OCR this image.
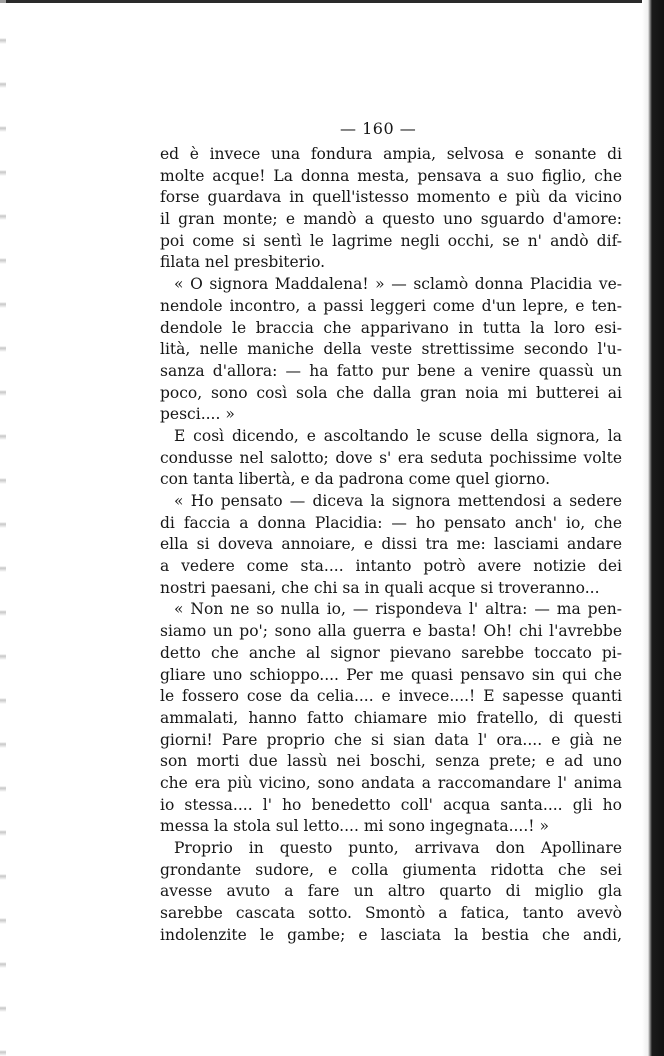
— 160 —
ed è invece una fondura ampia, selvosa e sonante di
molte acque! La donna mesta, pensava a suo figlio, che
forse guardava in quell'istesso momento e più da vicino
il gran monte; e mandò a questo uno sguardo d'amore:
poi come si sentì le lagrime negli occhi, se n' andò dif-
filata nel presbiterio.
« O signora Maddalena! » — sclamò donna Placidia ve-
nendole incontro, a passi leggeri come d'un lepre, e ten-
dendole le braccia che apparivano in tutta la loro esi-
lità, nelle maniche della veste strettissime secondo l'u-
sanza d'allora: — ha fatto pur bene a venire quassù un
poco, sono così sola che dalla gran noia mi butterei ai
pesci.... »
E così dicendo, e ascoltando le scuse della signora, la
condusse nel salotto; dove s' era seduta pochissime volte
con tanta libertà, e da padrona come quel giorno.
« Ho pensato — diceva la signora mettendosi a sedere
di faccia a donna Placidia: — ho pensato anch' io, che
ella si doveva annoiare, e dissi tra me: lasciami andare
a vedere come sta.... intanto potrò avere notizie dei
nostri paesani, che chi sa in quali acque si troveranno...
« Non ne so nulla io, — rispondeva l' altra: — ma pen-
siamo un po'; sono alla guerra e basta! Oh! chi l'avrebbe
detto che anche al signor pievano sarebbe toccato pi-
gliare uno schioppo.... Per me quasi pensavo sin qui che
le fossero cose da celia.... e invece....! E sapesse quanti
ammalati, hanno fatto chiamare mio fratello, di questi
giorni! Pare proprio che si sian data l' ora.... e già ne
son morti due lassù nei boschi, senza prete; e ad uno
che era più vicino, sono andata a raccomandare l' anima
io stessa.... l' ho benedetto coll' acqua santa.... gli ho
messa la stola sul letto.... mi sono ingegnata....! »
Proprio in questo punto, arrivava don Apollinare
grondante sudore, e colla giumenta ridotta che sei
avesse avuto a fare un altro quarto di miglio gla
sarebbe cascata sotto. Smontò a fatica, tanto avevò
indolenzite le gambe; e lasciata la bestia che andi,
